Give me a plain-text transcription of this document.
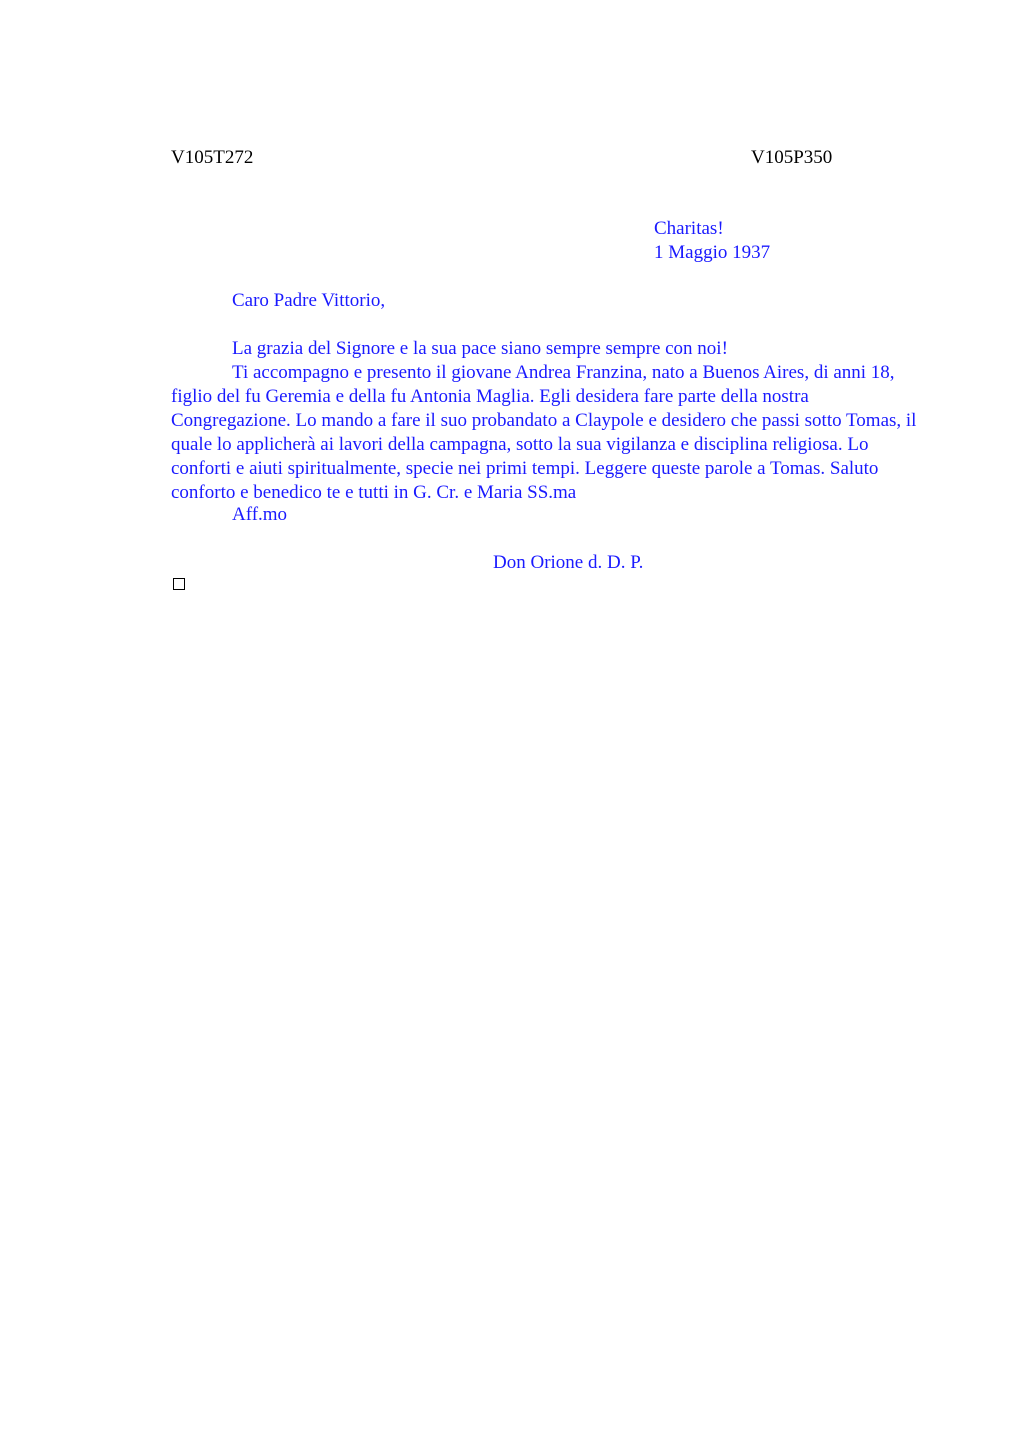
V105T272	V105P350
Charitas!
1 Maggio 1937
Caro Padre Vittorio,

La grazia del Signore e la sua pace siano sempre sempre con noi!

Ti accompagno e presento il giovane Andrea Franzina, nato a Buenos Aires, di anni 18, figlio del fu Geremia e della fu Antonia Maglia. Egli desidera fare parte della nostra Congregazione. Lo mando a fare il suo probandato a Claypole e desidero che passi sotto Tomas, il quale lo applicherà ai lavori della campagna, sotto la sua vigilanza e disciplina religiosa. Lo conforti e aiuti spiritualmente, specie nei primi tempi. Leggere queste parole a Tomas. Saluto conforto e benedico te e tutti in G. Cr. e Maria SS.ma

Aff.mo
Don Orione d. D. P.
